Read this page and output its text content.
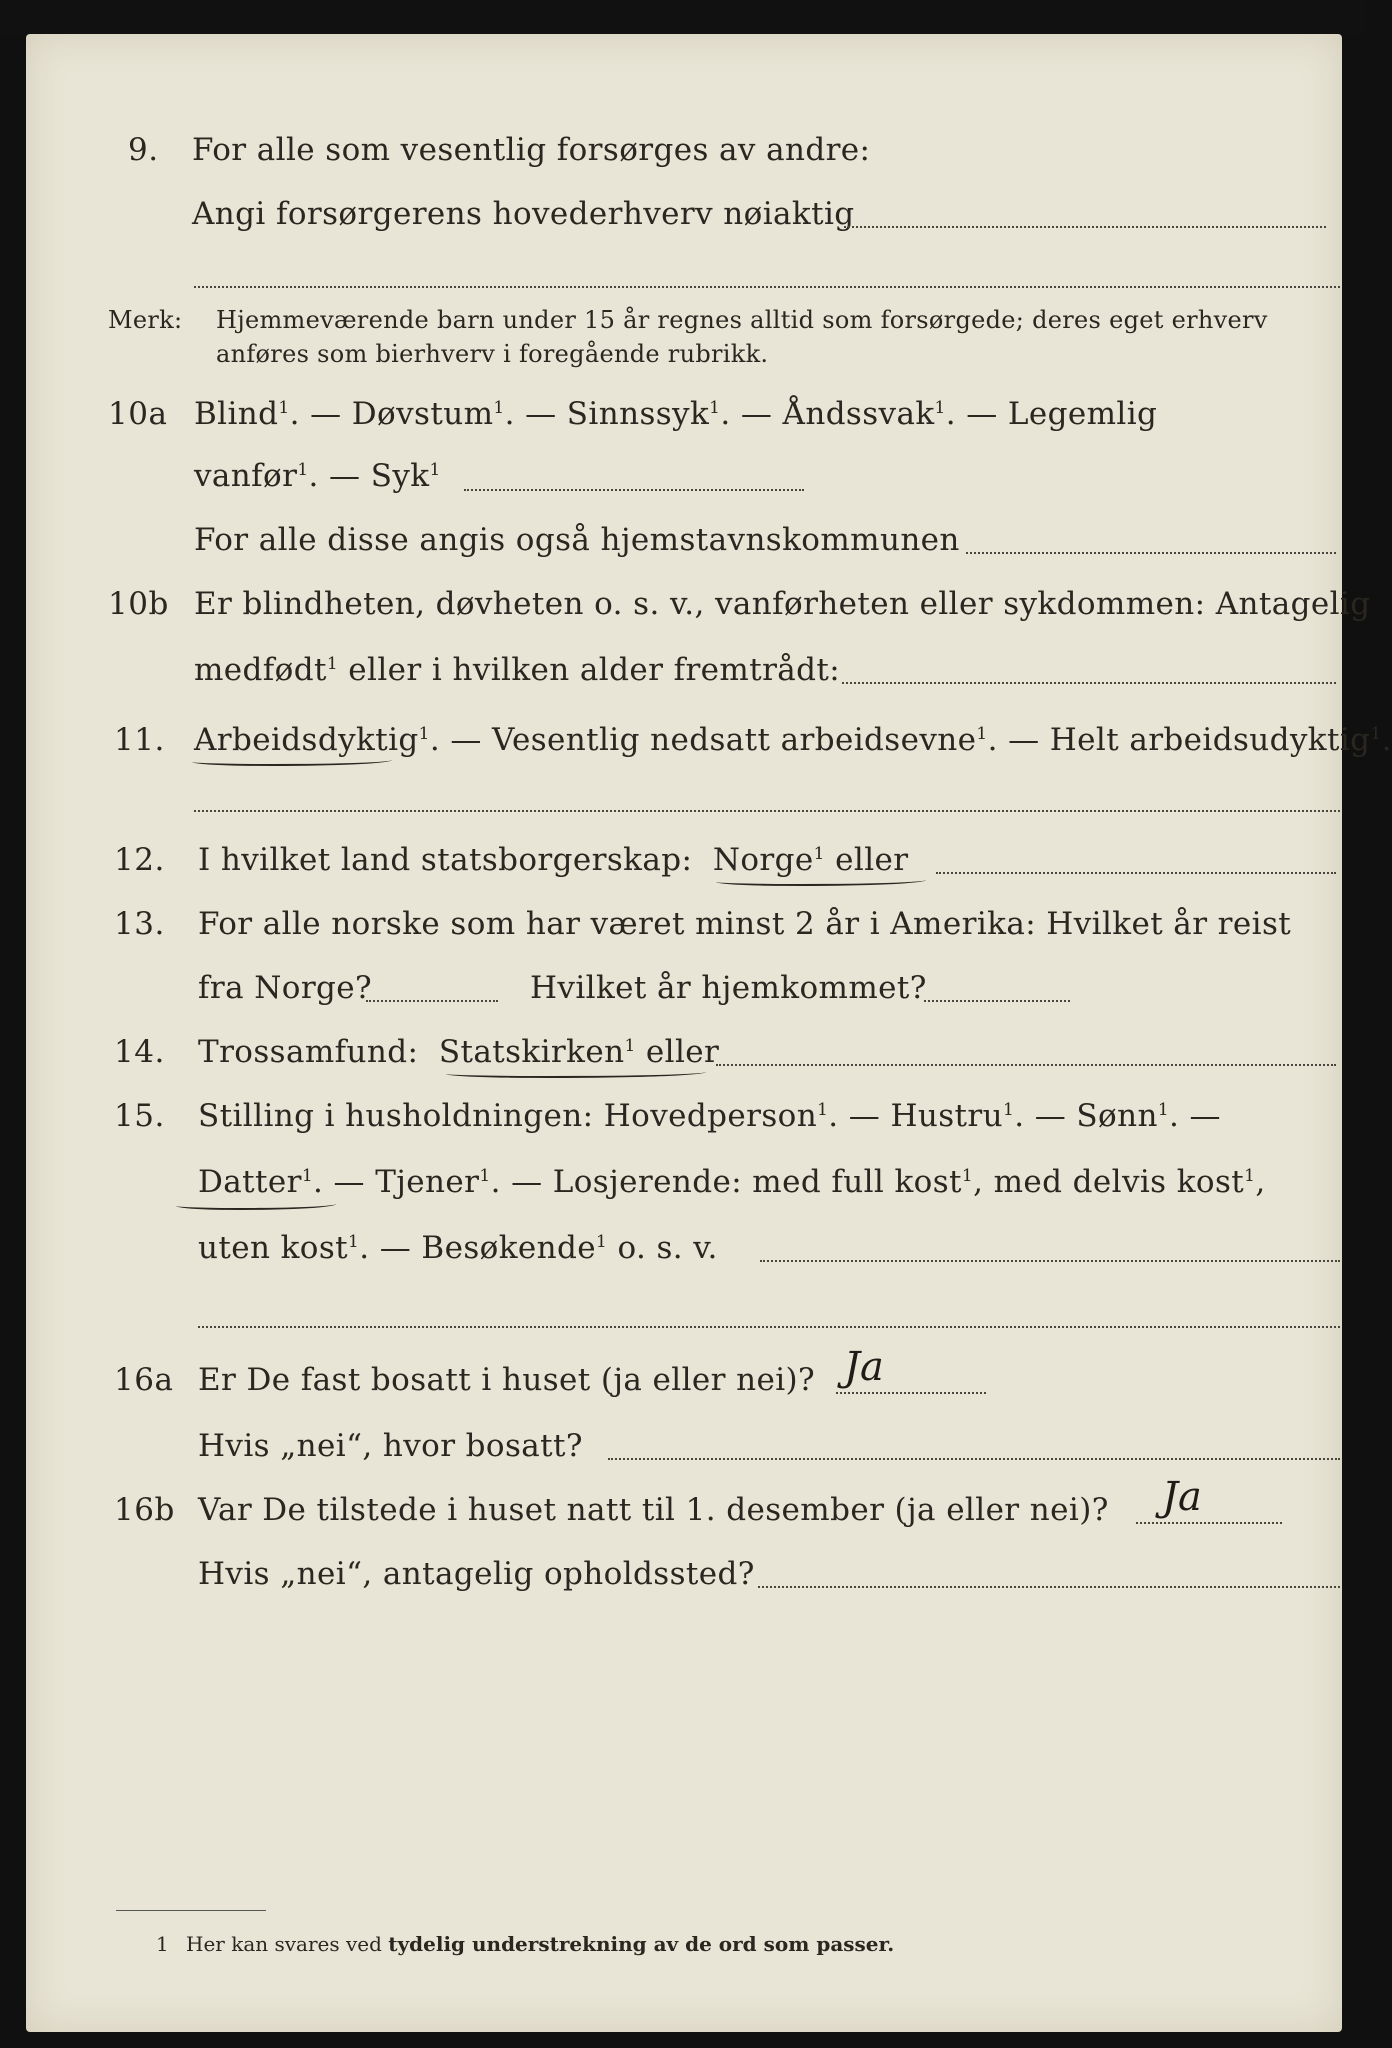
9. For alle som vesentlig forsørges av andre:
Angi forsørgerens hovederhverv nøiaktig
Merk: Hjemmeværende barn under 15 år regnes alltid som forsørgede; deres eget erhverv
anføres som bierhverv i foregående rubrikk.
10a Blind$^1$. — Døvstum$^1$. — Sinnssyk$^1$. — Åndssvak$^1$. — Legemlig
vanfør$^1$. — Syk$^1$
For alle disse angis også hjemstavnskommunen
10b Er blindheten, døvheten o. s. v., vanførheten eller sykdommen: Antagelig
medfødt$^1$ eller i hvilken alder fremtrådt:
11. Arbeidsdyktig$^1$. — Vesentlig nedsatt arbeidsevne$^1$. — Helt arbeidsudyktig$^1$.
12. I hvilket land statsborgerskap: Norge$^1$ eller
13. For alle norske som har været minst 2 år i Amerika: Hvilket år reist
fra Norge?	Hvilket år hjemkommet?
14. Trossamfund: Statskirken$^1$ eller
15. Stilling i husholdningen: Hovedperson$^1$. — Hustru$^1$. — Sønn$^1$. —
Datter$^1$. — Tjener$^1$. — Losjerende: med full kost$^1$, med delvis kost$^1$,
uten kost$^1$. — Besøkende$^1$ o. s. v.
16a Er De fast bosatt i huset (ja eller nei)? Ja
Hvis „nei“, hvor bosatt?
16b Var De tilstede i huset natt til 1. desember (ja eller nei)? Ja
Hvis „nei“, antagelig opholdssted?
1 Her kan svares ved tydelig understrekning av de ord som passer.
